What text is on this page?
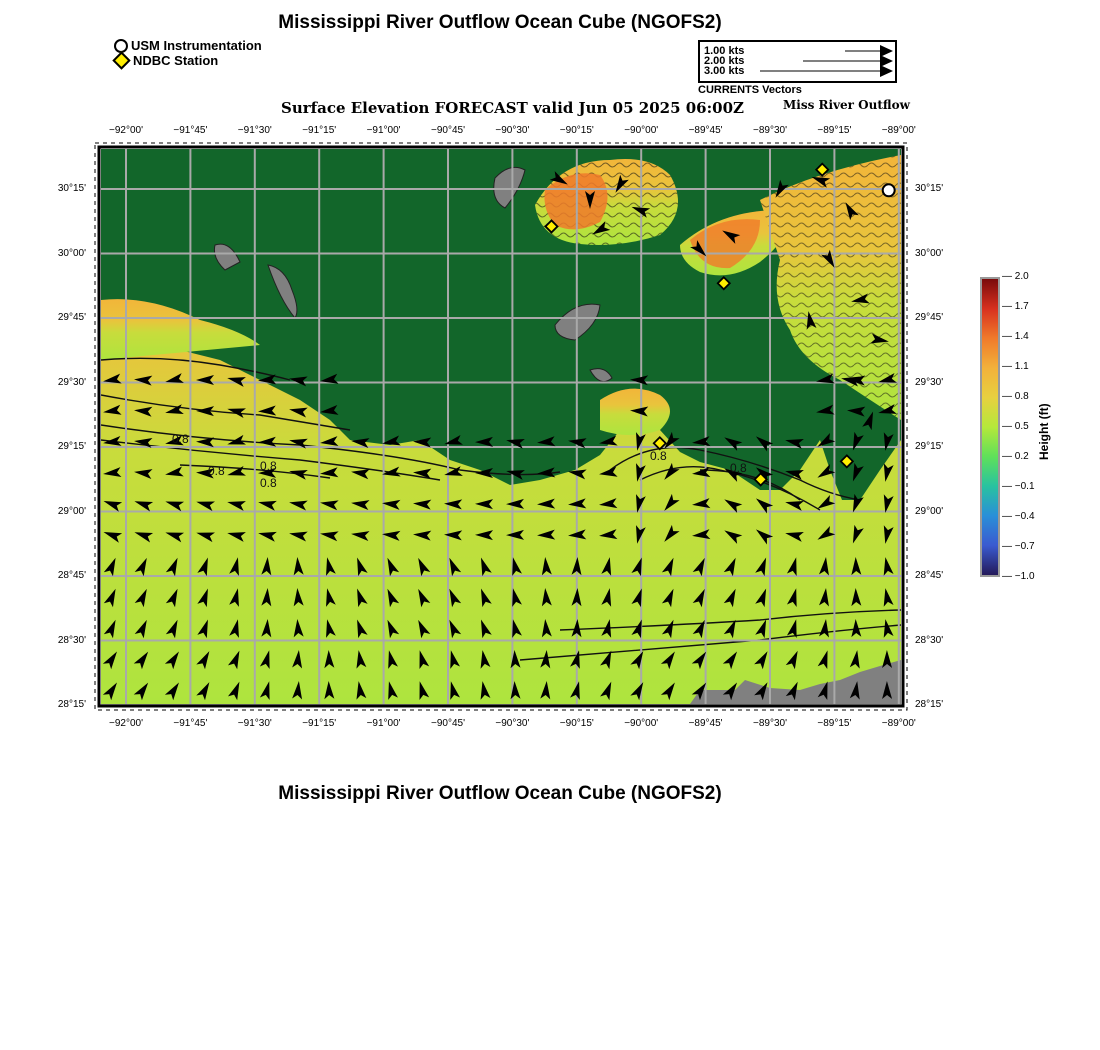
Mississippi River Outflow Ocean Cube (NGOFS2)
USM Instrumentation
NDBC Station
1.00 kts
2.00 kts
3.00 kts
CURRENTS Vectors
Surface Elevation FORECAST valid Jun 05 2025 06:00Z	Miss River Outflow
0.8
0.8	0.8
0.8
0.8
0.8
−92°00'	−91°45'	−91°30'	−91°15'	−91°00'	−90°45'	−90°30'	−90°15'	−90°00'	−89°45'	−89°30'	−89°15'	−89°00'
−92°00'	−91°45'	−91°30'	−91°15'	−91°00'	−90°45'	−90°30'	−90°15'	−90°00'	−89°45'	−89°30'	−89°15'	−89°00'
30°15'
30°00'
29°45'
29°30'
29°15'
29°00'
28°45'
28°30'
28°15'
30°15'
30°00'
29°45'
29°30'
29°15'
29°00'
28°45'
28°30'
28°15'
— 2.0
— 1.7
— 1.4
— 1.1
— 0.8
— 0.5
— 0.2
— −0.1
— −0.4
— −0.7
— −1.0
Height (ft)
Mississippi River Outflow Ocean Cube (NGOFS2)
